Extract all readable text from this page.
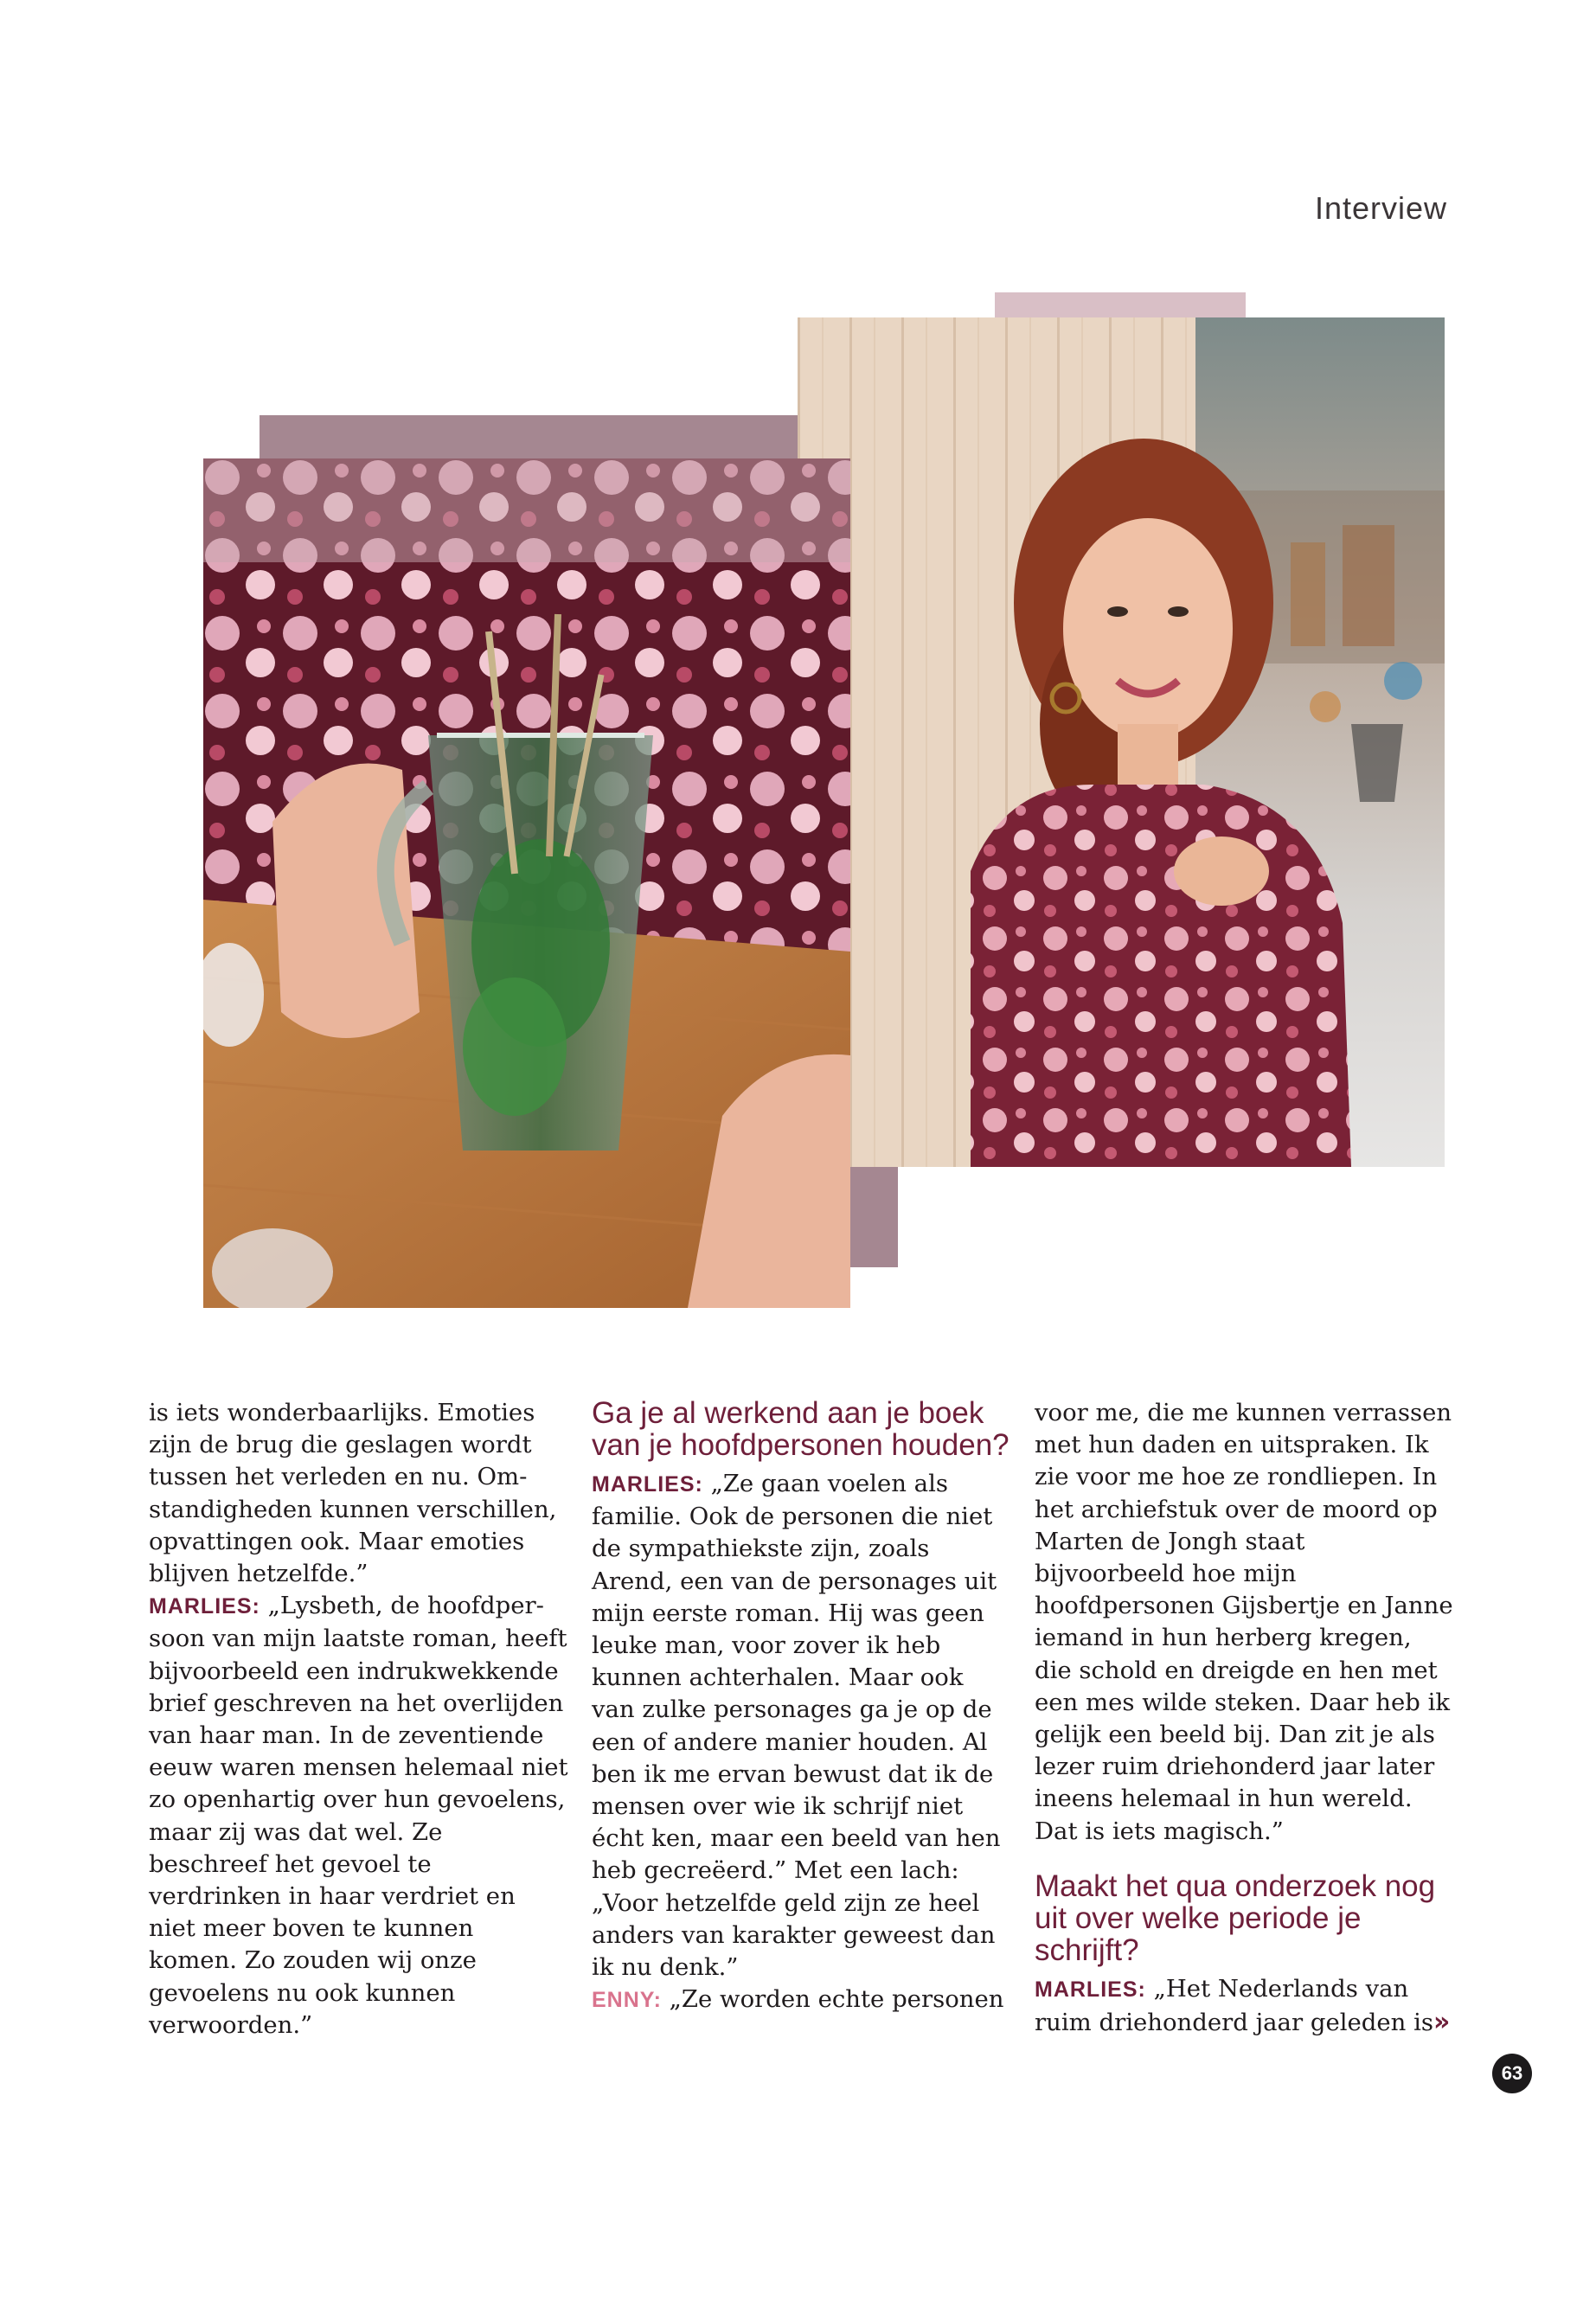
Interview

is iets wonderbaarlijks. Emoties zijn de brug die geslagen wordt tussen het verleden en nu. Omstandigheden kunnen verschillen, opvattingen ook. Maar emoties blijven hetzelfde.”

MARLIES: „Lysbeth, de hoofdpersoon van mijn laatste roman, heeft bijvoorbeeld een indrukwekkende brief geschreven na het overlijden van haar man. In de zeventiende eeuw waren mensen helemaal niet zo openhartig over hun gevoelens, maar zij was dat wel. Ze beschreef het gevoel te verdrinken in haar verdriet en niet meer boven te kunnen komen. Zo zouden wij onze gevoelens nu ook kunnen verwoorden.”

Ga je al werkend aan je boek van je hoofdpersonen houden?

MARLIES: „Ze gaan voelen als familie. Ook de personen die niet de sympathiekste zijn, zoals Arend, een van de personages uit mijn eerste roman. Hij was geen leuke man, voor zover ik heb kunnen achterhalen. Maar ook van zulke personages ga je op de een of andere manier houden. Al ben ik me ervan bewust dat ik de mensen over wie ik schrijf niet écht ken, maar een beeld van hen heb gecreëerd.” Met een lach: „Voor hetzelfde geld zijn ze heel anders van karakter geweest dan ik nu denk.”

ENNY: „Ze worden echte personen

voor me, die me kunnen verrassen met hun daden en uitspraken. Ik zie voor me hoe ze rondliepen. In het archiefstuk over de moord op Marten de Jongh staat bijvoorbeeld hoe mijn hoofdpersonen Gijsbertje en Janne iemand in hun herberg kregen, die schold en dreigde en hen met een mes wilde steken. Daar heb ik gelijk een beeld bij. Dan zit je als lezer ruim driehonderd jaar later ineens helemaal in hun wereld. Dat is iets magisch.”

Maakt het qua onderzoek nog uit over welke periode je schrijft?

MARLIES: „Het Nederlands van ruim driehonderd jaar geleden is»

63
